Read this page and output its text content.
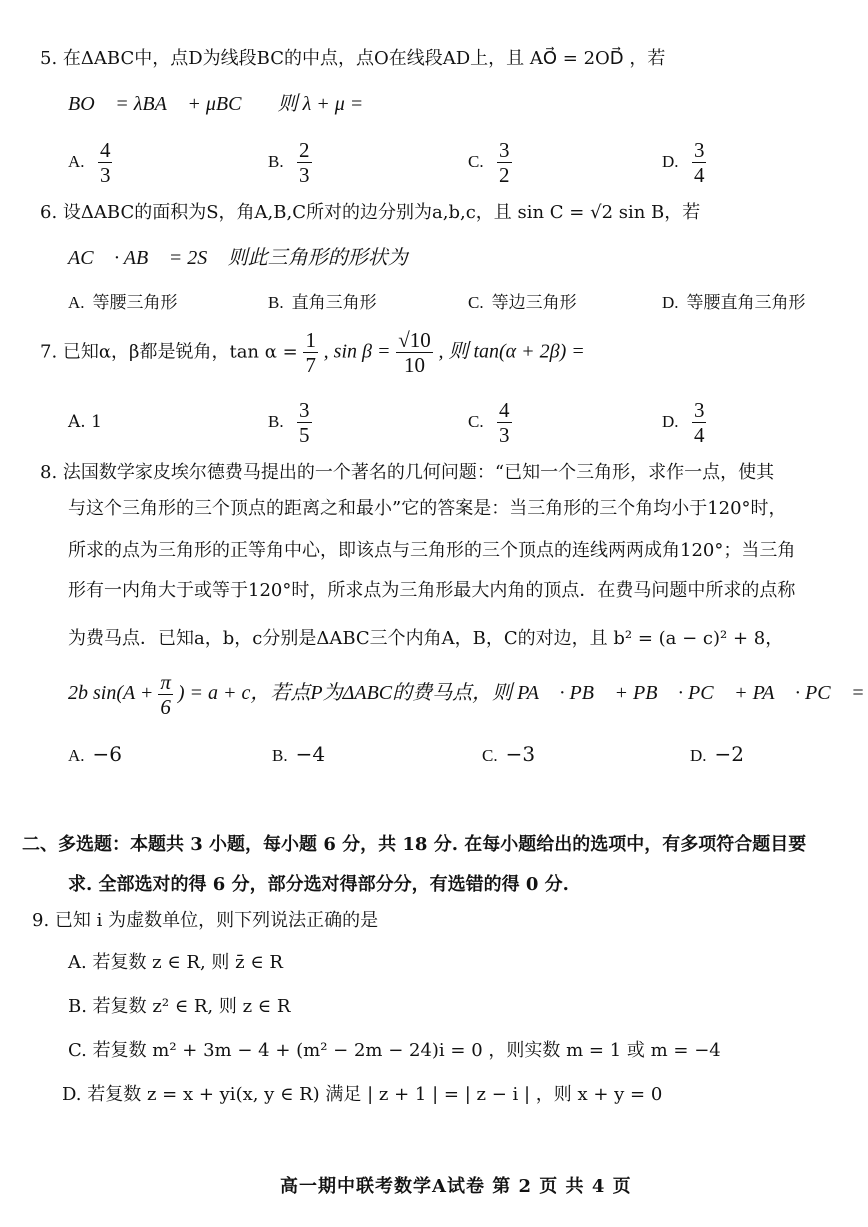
5. 在ΔABC中，点D为线段BC的中点，点O在线段AD上，且 AO⃗ = 2OD⃗ ，若
BO⃗ = λBA⃗ + μBC⃗ ，则 λ + μ =
A. $\frac{4}{3}$	B. $\frac{2}{3}$	C. $\frac{3}{2}$	D. $\frac{3}{4}$
6. 设ΔABC的面积为S，角A,B,C所对的边分别为a,b,c，且 sin C = √2 sin B，若
AC⃗ · AB⃗ = 2S ，则此三角形的形状为
A. 等腰三角形	B. 直角三角形	C. 等边三角形	D. 等腰直角三角形
7. 已知α，β都是锐角，$\tan \alpha = \frac{1}{7}$ , $\sin \beta = \frac{√10}{10}$ , 则 tan(α + 2β) =
A. 1	B. $\frac{3}{5}$	C. $\frac{4}{3}$	D. $\frac{3}{4}$
8. 法国数学家皮埃尔德费马提出的一个著名的几何问题：“已知一个三角形，求作一点，使其
与这个三角形的三个顶点的距离之和最小”它的答案是：当三角形的三个角均小于120°时，
所求的点为三角形的正等角中心，即该点与三角形的三个顶点的连线两两成角120°；当三角
形有一内角大于或等于120°时，所求点为三角形最大内角的顶点．在费马问题中所求的点称
为费马点．已知a，b，c分别是ΔABC三个内角A，B，C的对边，且 b² = (a − c)² + 8，
2b $\sin(A + \frac{\pi}{6}$ ) = a + c，若点P为ΔABC的费马点，则 PA⃗ · PB⃗ + PB⃗ · PC⃗ + PA⃗ · PC⃗ =
A. −6	B. −4	C. −3	D. −2
二、多选题：本题共 3 小题，每小题 6 分，共 18 分. 在每小题给出的选项中，有多项符合题目要
求. 全部选对的得 6 分，部分选对得部分分，有选错的得 0 分.
9. 已知 i 为虚数单位，则下列说法正确的是
A. 若复数 z ∈ R, 则 z̄ ∈ R
B. 若复数 z² ∈ R, 则 z ∈ R
C. 若复数 m² + 3m − 4 + (m² − 2m − 24)i = 0 ，则实数 m = 1 或 m = −4
D. 若复数 z = x + yi(x, y ∈ R) 满足 | z + 1 | = | z − i | ，则 x + y = 0
高一期中联考数学A试卷 第 2 页 共 4 页
